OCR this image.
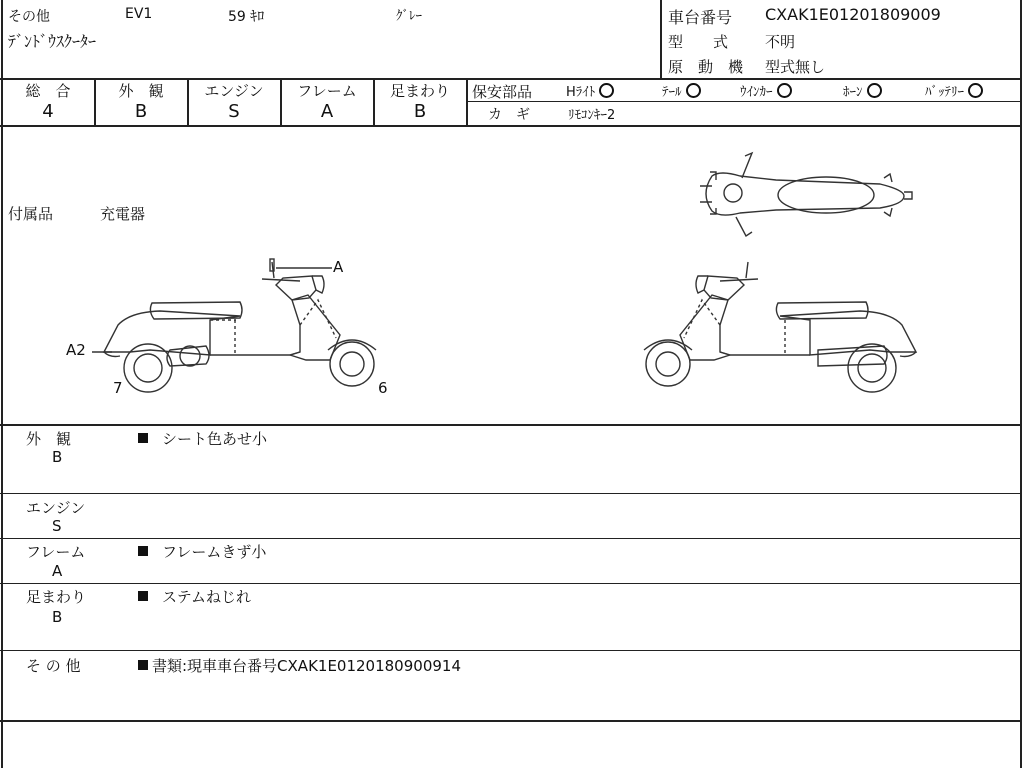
その他	EV1	59 ｷﾛ	ｸﾞﾚｰ
ﾃﾞﾝﾄﾞｳｽｸｰﾀｰ
車台番号 CXAK1E01201809009
型　　式 不明
原　動　機 型式無し
総　合
4
外　観
B
エンジン
S
フレーム
A
足まわり
B
保安部品	Hﾗｲﾄ	ﾃｰﾙ	ｳｲﾝｶｰ	ﾎｰﾝ	ﾊﾞｯﾃﾘｰ
カ　ギ	ﾘﾓｺﾝｷｰ2
付属品	充電器
A
A2
7	6
外　観
B
シート色あせ小
エンジン
S
フレーム
A
フレームきず小
足まわり
B
ステムねじれ
そ の 他	書類:現車車台番号CXAK1E0120180900914
